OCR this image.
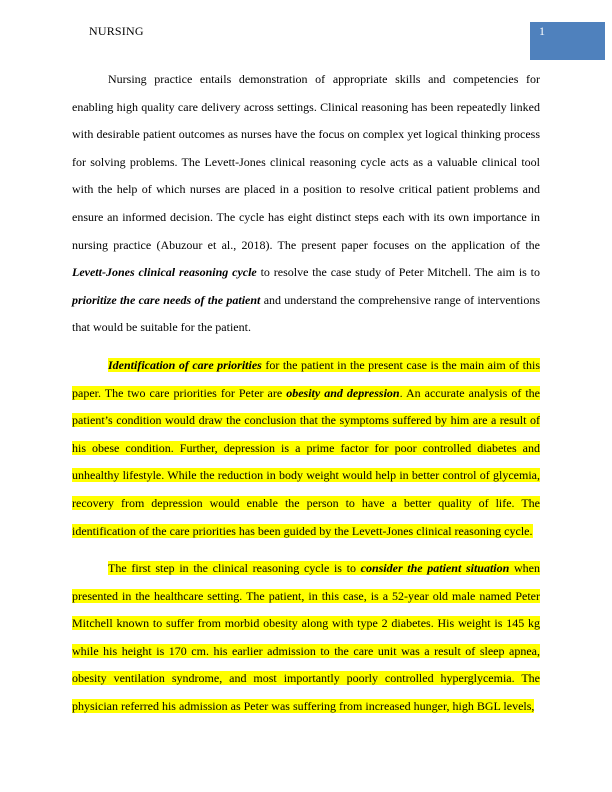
NURSING	1

Nursing practice entails demonstration of appropriate skills and competencies for enabling high quality care delivery across settings. Clinical reasoning has been repeatedly linked with desirable patient outcomes as nurses have the focus on complex yet logical thinking process for solving problems. The Levett-Jones clinical reasoning cycle acts as a valuable clinical tool with the help of which nurses are placed in a position to resolve critical patient problems and ensure an informed decision. The cycle has eight distinct steps each with its own importance in nursing practice (Abuzour et al., 2018). The present paper focuses on the application of the Levett-Jones clinical reasoning cycle to resolve the case study of Peter Mitchell. The aim is to prioritize the care needs of the patient and understand the comprehensive range of interventions that would be suitable for the patient.

Identification of care priorities for the patient in the present case is the main aim of this paper. The two care priorities for Peter are obesity and depression. An accurate analysis of the patient’s condition would draw the conclusion that the symptoms suffered by him are a result of his obese condition. Further, depression is a prime factor for poor controlled diabetes and unhealthy lifestyle. While the reduction in body weight would help in better control of glycemia, recovery from depression would enable the person to have a better quality of life. The identification of the care priorities has been guided by the Levett-Jones clinical reasoning cycle.

The first step in the clinical reasoning cycle is to consider the patient situation when presented in the healthcare setting. The patient, in this case, is a 52-year old male named Peter Mitchell known to suffer from morbid obesity along with type 2 diabetes. His weight is 145 kg while his height is 170 cm. his earlier admission to the care unit was a result of sleep apnea, obesity ventilation syndrome, and most importantly poorly controlled hyperglycemia. The physician referred his admission as Peter was suffering from increased hunger, high BGL levels,
